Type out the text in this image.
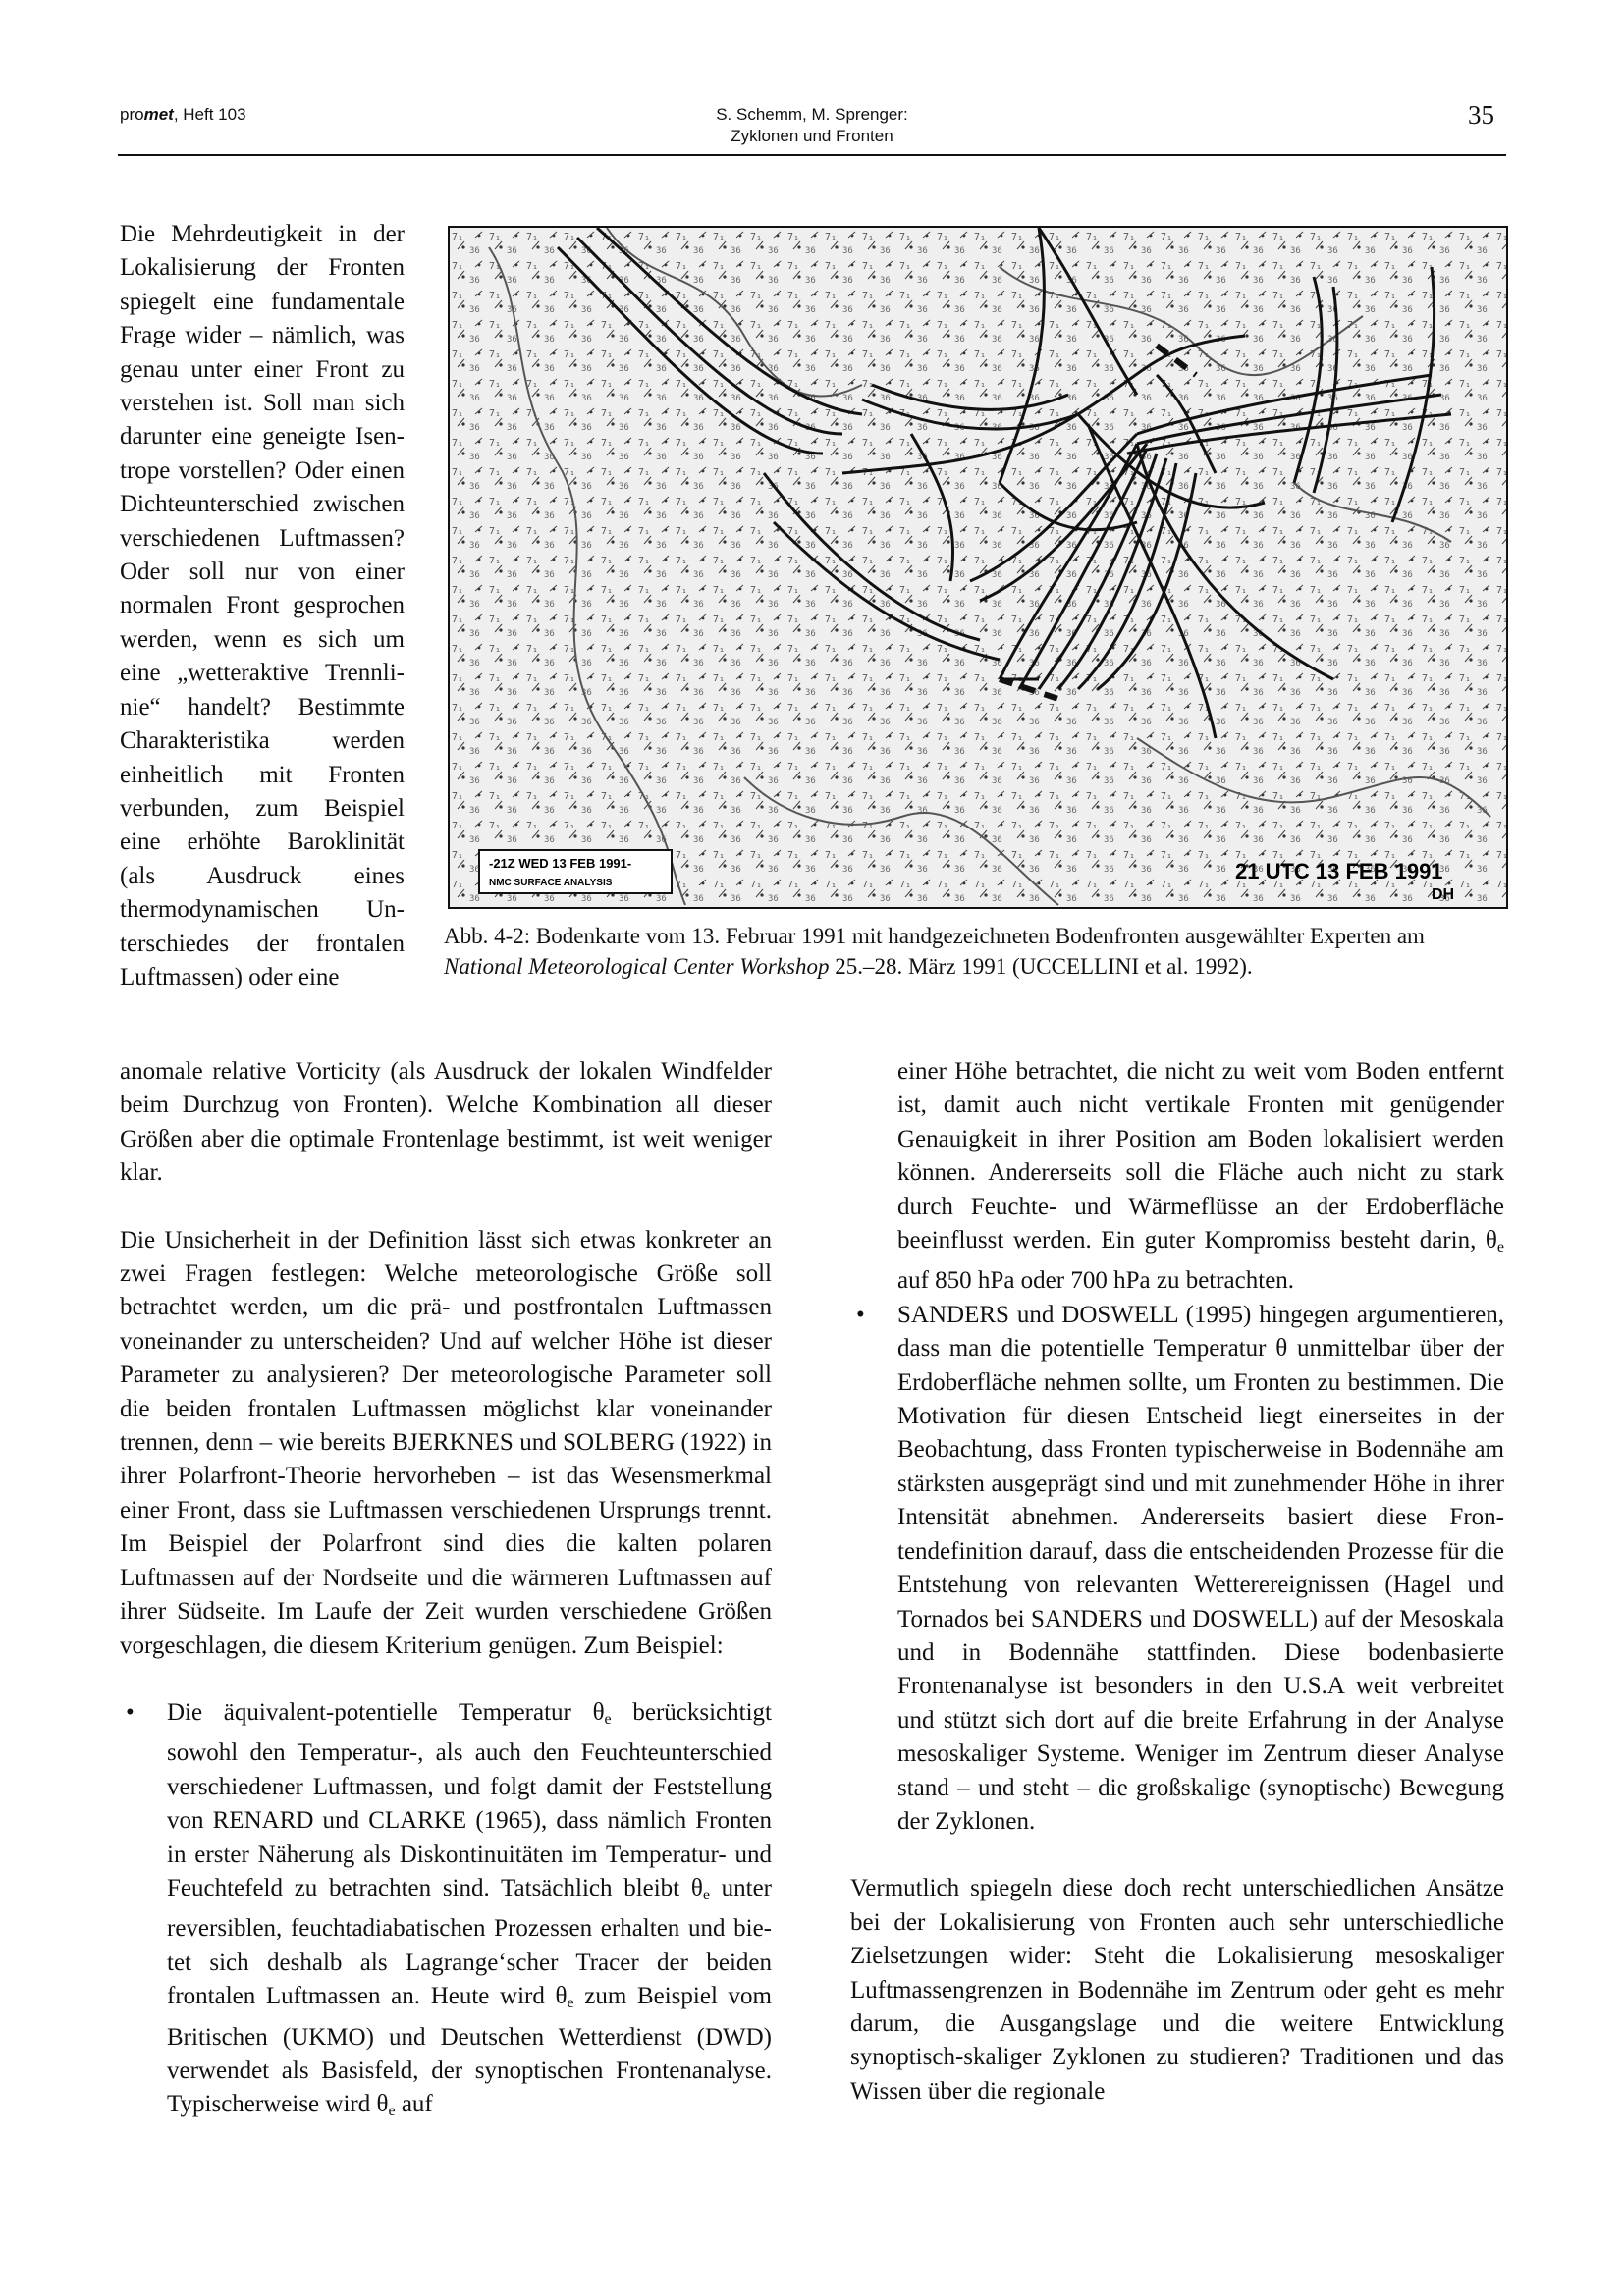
promet, Heft 103	S. Schemm, M. Sprenger:
Zyklonen und Fronten
35
-21Z WED 13 FEB 1991-
NMC SURFACE ANALYSIS	21 UTC 13 FEB 1991
DH

Abb. 4-2: Bodenkarte vom 13. Februar 1991 mit handgezeichneten Bodenfronten ausgewählter Experten am National Meteorological Center Workshop 25.–28. März 1991 (UCCELLINI et al. 1992).

Die Mehrdeutigkeit in der Lokalisierung der Fronten spiegelt eine fundamentale Frage wider – nämlich, was genau unter einer Front zu verstehen ist. Soll man sich darunter eine geneigte Isentrope vorstellen? Oder einen Dichteunterschied zwischen verschiedenen Luftmassen? Oder soll nur von einer normalen Front gesprochen werden, wenn es sich um eine „wetteraktive Trennlinie“ handelt? Bestimmte Charakteristika werden einheitlich mit Fronten verbunden, zum Beispiel eine erhöhte Baroklinität (als Ausdruck eines thermodynamischen Unterschiedes der frontalen Luftmassen) oder eine

anomale relative Vorticity (als Ausdruck der lokalen Windfelder beim Durchzug von Fronten). Welche Kombination all dieser Größen aber die optimale Frontenlage bestimmt, ist weit weniger klar.

Die Unsicherheit in der Definition lässt sich etwas konkreter an zwei Fragen festlegen: Welche meteorologische Größe soll betrachtet werden, um die prä- und postfrontalen Luftmassen voneinander zu unterscheiden? Und auf welcher Höhe ist dieser Parameter zu analysieren? Der meteorologische Parameter soll die beiden frontalen Luftmassen möglichst klar voneinander trennen, denn – wie bereits BJERKNES und SOLBERG (1922) in ihrer Polarfront-Theorie hervorheben – ist das Wesensmerkmal einer Front, dass sie Luftmassen verschiedenen Ursprungs trennt. Im Beispiel der Polarfront sind dies die kalten polaren Luftmassen auf der Nordseite und die wärmeren Luftmassen auf ihrer Südseite. Im Laufe der Zeit wurden verschiedene Größen vorgeschlagen, die diesem Kriterium genügen. Zum Beispiel:

• Die äquivalent-potentielle Temperatur $\theta_e$ berücksichtigt sowohl den Temperatur-, als auch den Feuchteunterschied verschiedener Luftmassen, und folgt damit der Feststellung von RENARD und CLARKE (1965), dass nämlich Fronten in erster Näherung als Diskontinuitäten im Temperatur- und Feuchtefeld zu betrachten sind. Tatsächlich bleibt $\theta_e$ unter reversiblen, feuchtadiabatischen Prozessen erhalten und bietet sich deshalb als Lagrange‘scher Tracer der beiden frontalen Luftmassen an. Heute wird $\theta_e$ zum Beispiel vom Britischen (UKMO) und Deutschen Wetterdienst (DWD) verwendet als Basisfeld, der synoptischen Frontenanalyse. Typischerweise wird $\theta_e$ auf

einer Höhe betrachtet, die nicht zu weit vom Boden entfernt ist, damit auch nicht vertikale Fronten mit genügender Genauigkeit in ihrer Position am Boden lokalisiert werden können. Andererseits soll die Fläche auch nicht zu stark durch Feuchte- und Wärmeflüsse an der Erdoberfläche beeinflusst werden. Ein guter Kompromiss besteht darin, $\theta_e$ auf 850 hPa oder 700 hPa zu betrachten.

• SANDERS und DOSWELL (1995) hingegen argumentieren, dass man die potentielle Temperatur θ unmittelbar über der Erdoberfläche nehmen sollte, um Fronten zu bestimmen. Die Motivation für diesen Entscheid liegt einerseites in der Beobachtung, dass Fronten typischerweise in Bodennähe am stärksten ausgeprägt sind und mit zunehmender Höhe in ihrer Intensität abnehmen. Andererseits basiert diese Frontendefinition darauf, dass die entscheidenden Prozesse für die Entstehung von relevanten Wetterereignissen (Hagel und Tornados bei SANDERS und DOSWELL) auf der Mesoskala und in Bodennähe stattfinden. Diese bodenbasierte Frontenanalyse ist besonders in den U.S.A weit verbreitet und stützt sich dort auf die breite Erfahrung in der Analyse mesoskaliger Systeme. Weniger im Zentrum dieser Analyse stand – und steht – die großskalige (synoptische) Bewegung der Zyklonen.

Vermutlich spiegeln diese doch recht unterschiedlichen Ansätze bei der Lokalisierung von Fronten auch sehr unterschiedliche Zielsetzungen wider: Steht die Lokalisierung mesoskaliger Luftmassengrenzen in Bodennähe im Zentrum oder geht es mehr darum, die Ausgangslage und die weitere Entwicklung synoptisch-skaliger Zyklonen zu studieren? Traditionen und das Wissen über die regionale
